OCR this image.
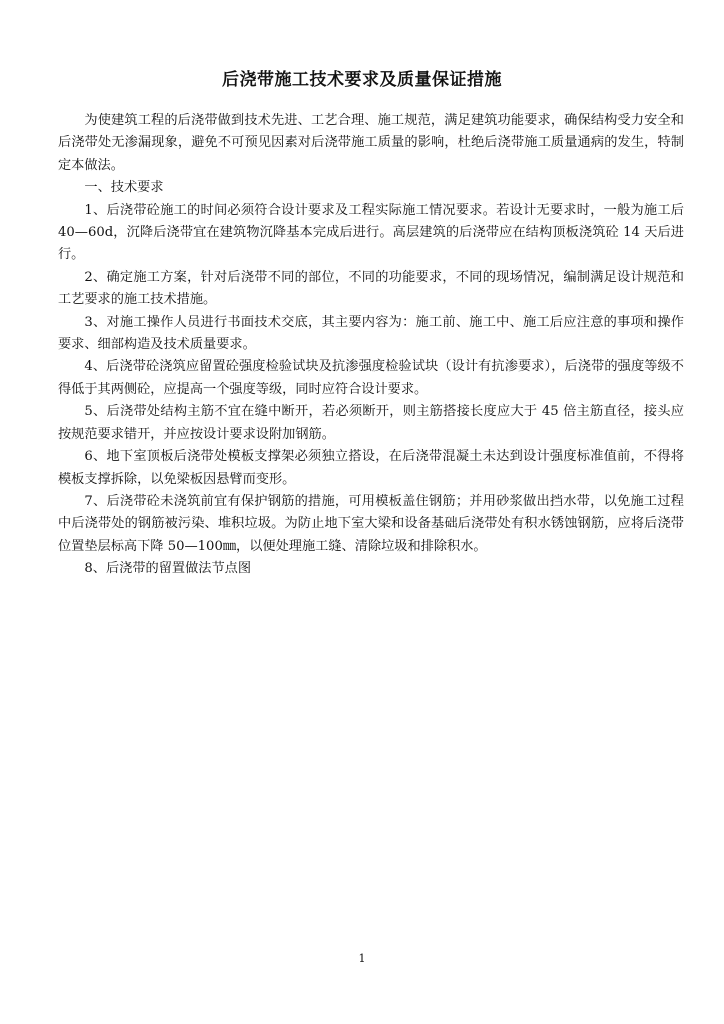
后浇带施工技术要求及质量保证措施

为使建筑工程的后浇带做到技术先进、工艺合理、施工规范，满足建筑功能要求，确保结构受力安全和后浇带处无渗漏现象，避免不可预见因素对后浇带施工质量的影响，杜绝后浇带施工质量通病的发生，特制定本做法。

一、技术要求

1、后浇带砼施工的时间必须符合设计要求及工程实际施工情况要求。若设计无要求时，一般为施工后 40—60d，沉降后浇带宜在建筑物沉降基本完成后进行。高层建筑的后浇带应在结构顶板浇筑砼 14 天后进行。

2、确定施工方案，针对后浇带不同的部位，不同的功能要求，不同的现场情况，编制满足设计规范和工艺要求的施工技术措施。

3、对施工操作人员进行书面技术交底，其主要内容为：施工前、施工中、施工后应注意的事项和操作要求、细部构造及技术质量要求。

4、后浇带砼浇筑应留置砼强度检验试块及抗渗强度检验试块（设计有抗渗要求），后浇带的强度等级不得低于其两侧砼，应提高一个强度等级，同时应符合设计要求。

5、后浇带处结构主筋不宜在缝中断开，若必须断开，则主筋搭接长度应大于 45 倍主筋直径，接头应按规范要求错开，并应按设计要求设附加钢筋。

6、地下室顶板后浇带处模板支撑架必须独立搭设，在后浇带混凝土未达到设计强度标准值前，不得将模板支撑拆除，以免梁板因悬臂而变形。

7、后浇带砼未浇筑前宜有保护钢筋的措施，可用模板盖住钢筋；并用砂浆做出挡水带，以免施工过程中后浇带处的钢筋被污染、堆积垃圾。为防止地下室大梁和设备基础后浇带处有积水锈蚀钢筋，应将后浇带位置垫层标高下降 50—100㎜，以便处理施工缝、清除垃圾和排除积水。

8、后浇带的留置做法节点图

1
